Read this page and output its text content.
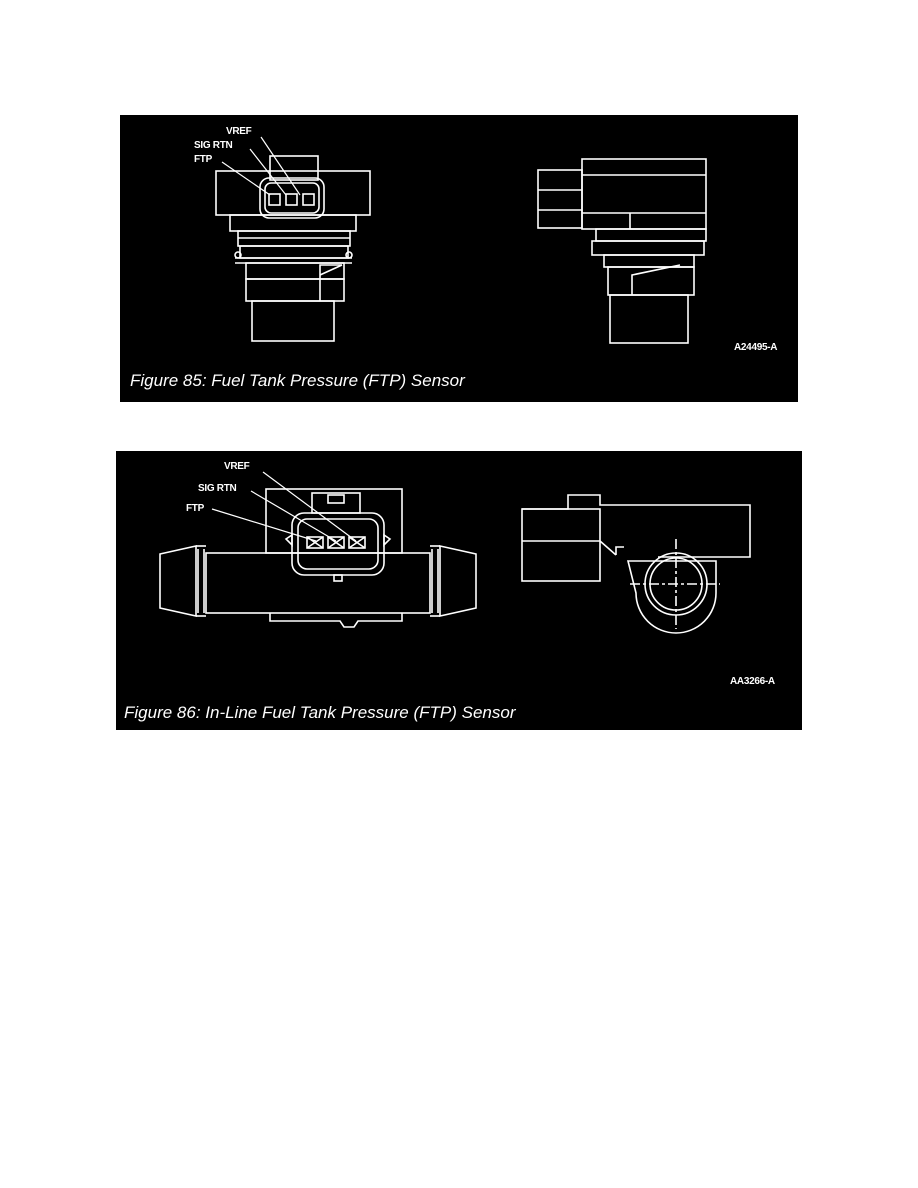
VREF
SIG RTN
FTP
A24495-A
Figure 85: Fuel Tank Pressure (FTP) Sensor
VREF
SIG RTN
FTP
AA3266-A
Figure 86: In-Line Fuel Tank Pressure (FTP) Sensor
